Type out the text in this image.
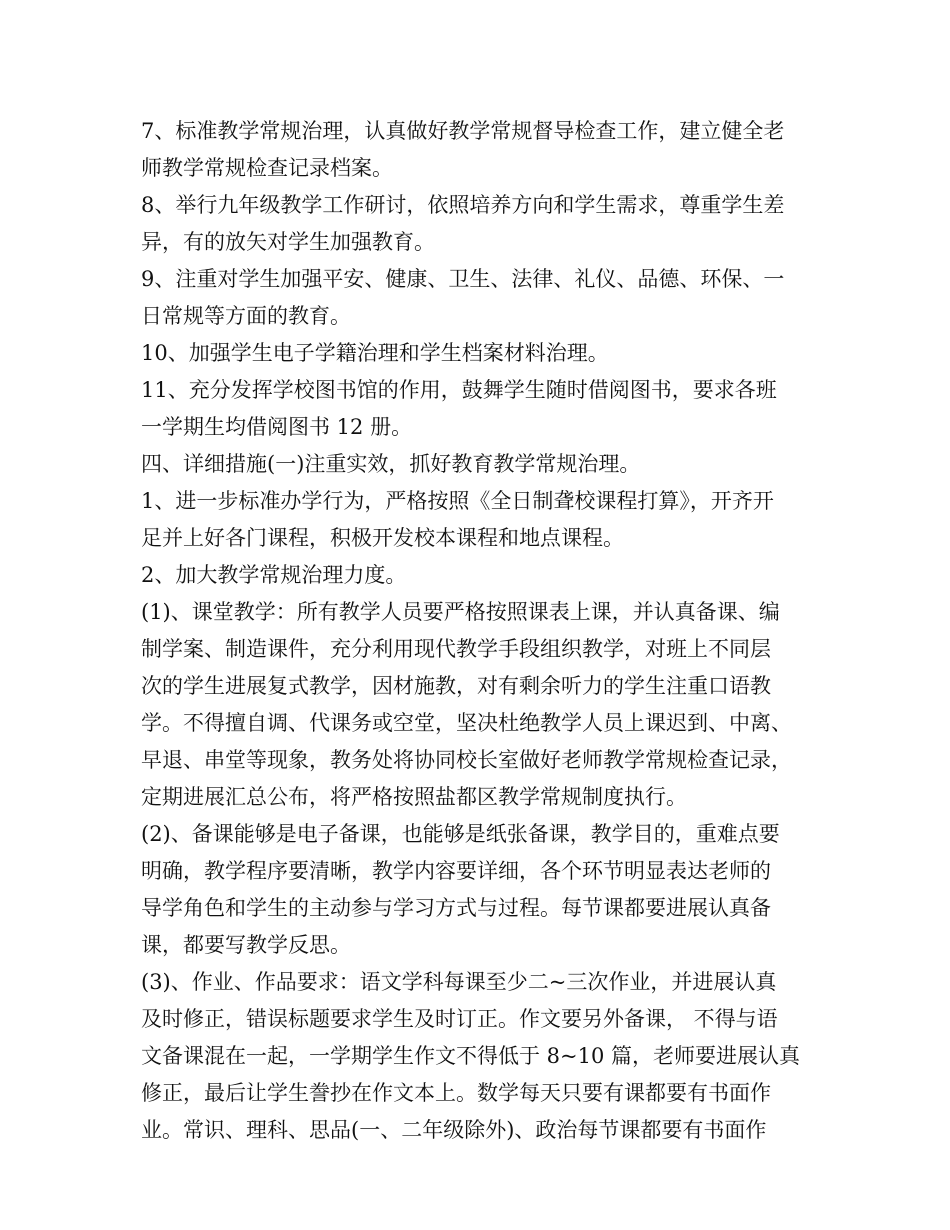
7、标准教学常规治理，认真做好教学常规督导检查工作，建立健全老
师教学常规检查记录档案。
8、举行九年级教学工作研讨，依照培养方向和学生需求，尊重学生差
异，有的放矢对学生加强教育。
9、注重对学生加强平安、健康、卫生、法律、礼仪、品德、环保、一
日常规等方面的教育。
10、加强学生电子学籍治理和学生档案材料治理。
11、充分发挥学校图书馆的作用，鼓舞学生随时借阅图书，要求各班
一学期生均借阅图书 12 册。
四、详细措施(一)注重实效，抓好教育教学常规治理。
1、进一步标准办学行为，严格按照《全日制聋校课程打算》，开齐开
足并上好各门课程，积极开发校本课程和地点课程。
2、加大教学常规治理力度。
(1)、课堂教学：所有教学人员要严格按照课表上课，并认真备课、编
制学案、制造课件，充分利用现代教学手段组织教学，对班上不同层
次的学生进展复式教学，因材施教，对有剩余听力的学生注重口语教
学。不得擅自调、代课务或空堂，坚决杜绝教学人员上课迟到、中离、
早退、串堂等现象，教务处将协同校长室做好老师教学常规检查记录，
定期进展汇总公布，将严格按照盐都区教学常规制度执行。
(2)、备课能够是电子备课，也能够是纸张备课，教学目的，重难点要
明确，教学程序要清晰，教学内容要详细，各个环节明显表达老师的
导学角色和学生的主动参与学习方式与过程。每节课都要进展认真备
课，都要写教学反思。
(3)、作业、作品要求：语文学科每课至少二~三次作业，并进展认真
及时修正，错误标题要求学生及时订正。作文要另外备课， 不得与语
文备课混在一起，一学期学生作文不得低于 8~10 篇，老师要进展认真
修正，最后让学生誊抄在作文本上。数学每天只要有课都要有书面作
业。常识、理科、思品(一、二年级除外)、政治每节课都要有书面作
